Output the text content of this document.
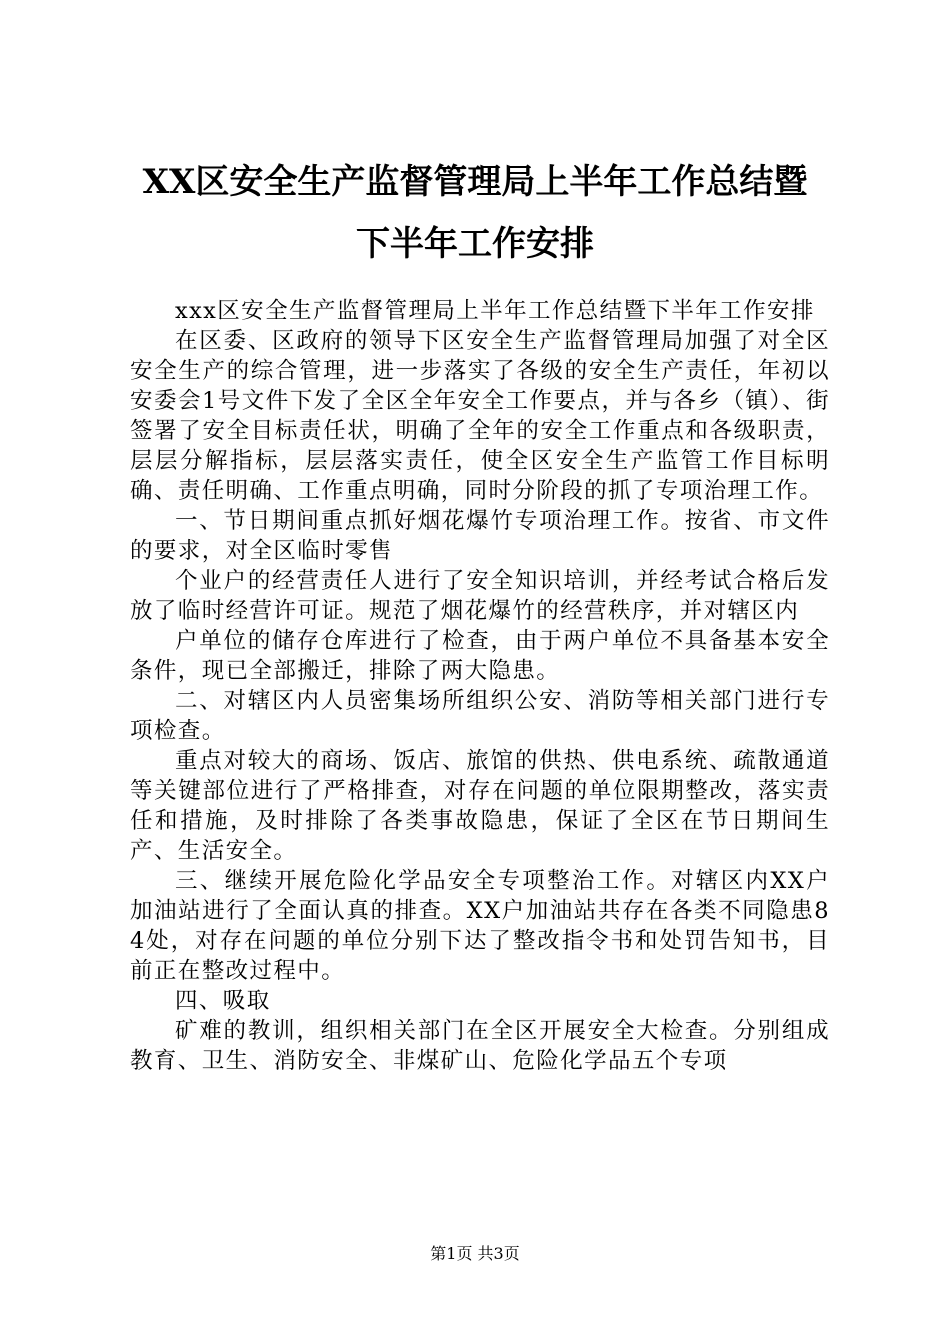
XX区安全生产监督管理局上半年工作总结暨
下半年工作安排

xxx区安全生产监督管理局上半年工作总结暨下半年工作安排

在区委、区政府的领导下区安全生产监督管理局加强了对全区安全生产的综合管理，进一步落实了各级的安全生产责任，年初以安委会1号文件下发了全区全年安全工作要点，并与各乡（镇）、街签署了安全目标责任状，明确了全年的安全工作重点和各级职责，层层分解指标，层层落实责任，使全区安全生产监管工作目标明确、责任明确、工作重点明确，同时分阶段的抓了专项治理工作。

一、节日期间重点抓好烟花爆竹专项治理工作。按省、市文件的要求，对全区临时零售

个业户的经营责任人进行了安全知识培训，并经考试合格后发放了临时经营许可证。规范了烟花爆竹的经营秩序，并对辖区内

户单位的储存仓库进行了检查，由于两户单位不具备基本安全条件，现已全部搬迁，排除了两大隐患。

二、对辖区内人员密集场所组织公安、消防等相关部门进行专项检查。

重点对较大的商场、饭店、旅馆的供热、供电系统、疏散通道等关键部位进行了严格排查，对存在问题的单位限期整改，落实责任和措施，及时排除了各类事故隐患，保证了全区在节日期间生产、生活安全。

三、继续开展危险化学品安全专项整治工作。对辖区内XX户加油站进行了全面认真的排查。XX户加油站共存在各类不同隐患84处，对存在问题的单位分别下达了整改指令书和处罚告知书，目前正在整改过程中。

四、吸取

矿难的教训，组织相关部门在全区开展安全大检查。分别组成教育、卫生、消防安全、非煤矿山、危险化学品五个专项

第1页 共3页
